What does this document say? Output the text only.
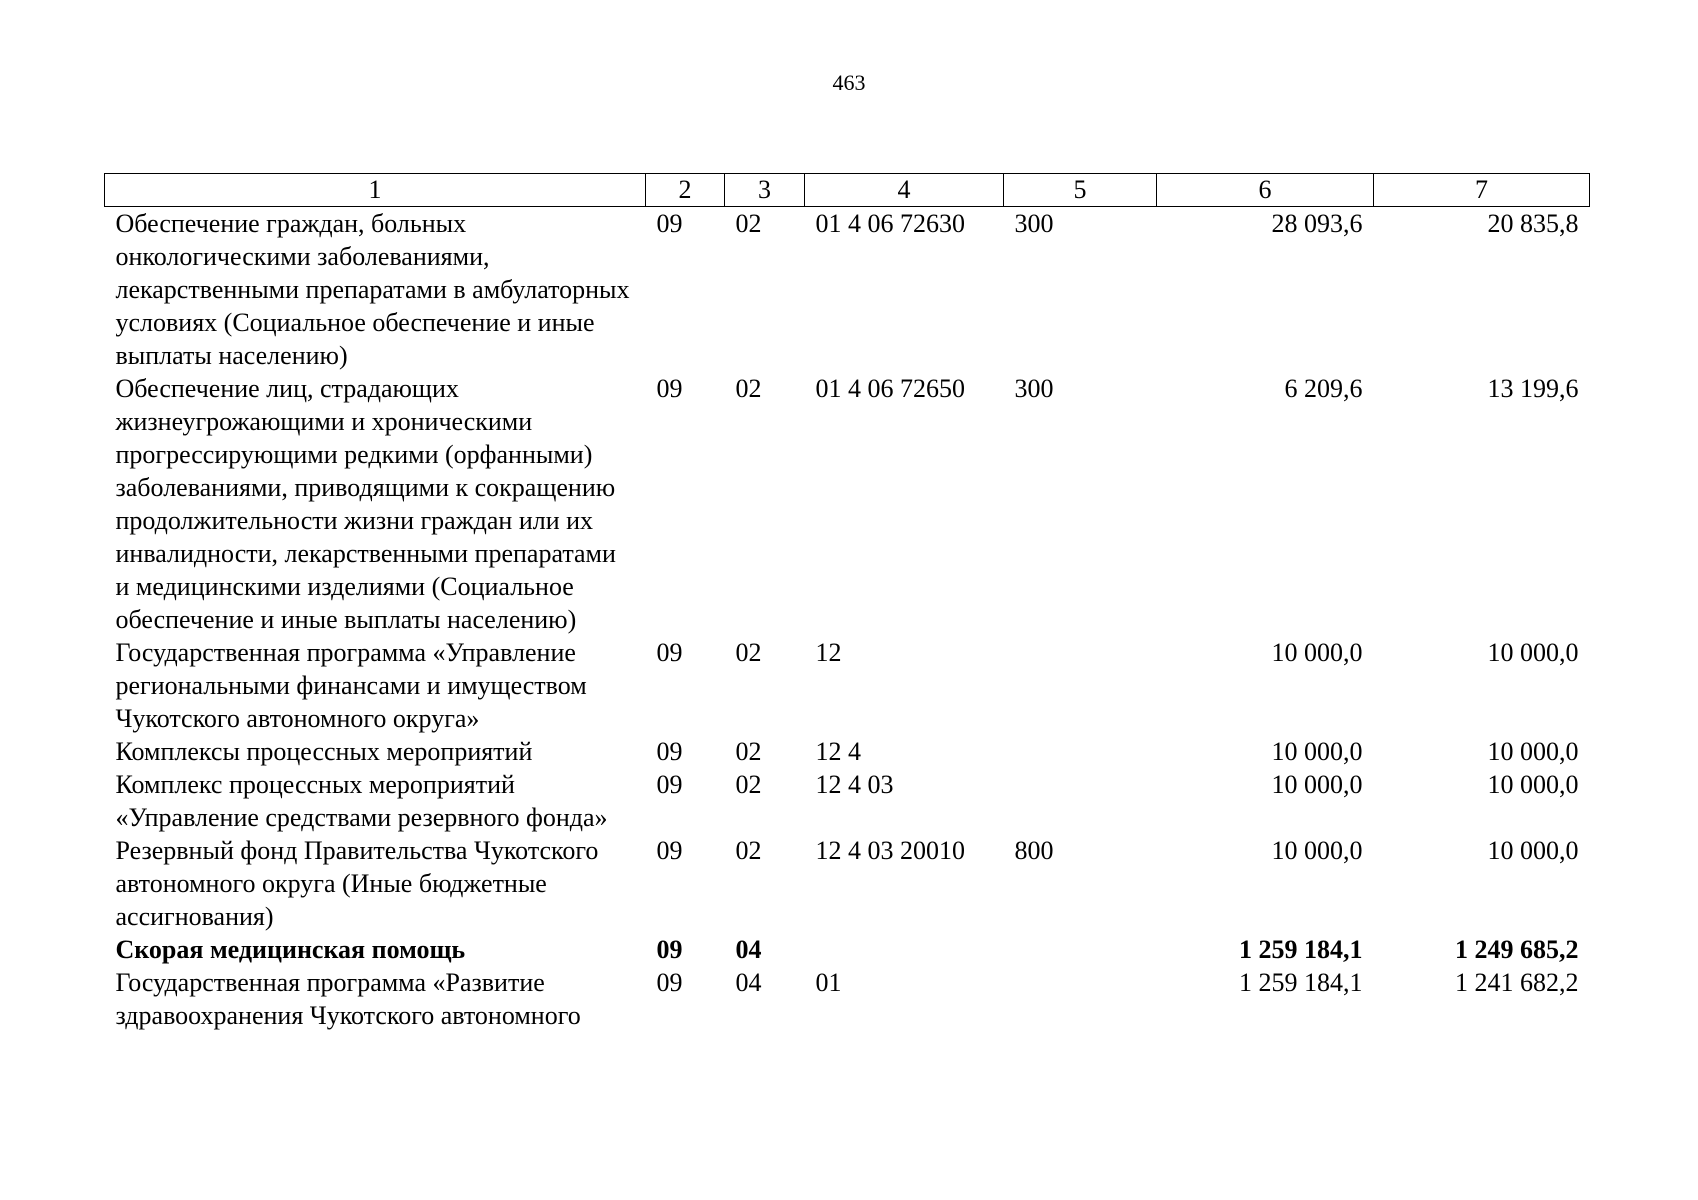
463
1	2	3	4	5	6	7
Обеспечение граждан, больных онкологическими заболеваниями, лекарственными препаратами в амбулаторных условиях (Социальное обеспечение и иные выплаты населению)	09	02	01 4 06 72630	300	28 093,6	20 835,8
Обеспечение лиц, страдающих жизнеугрожающими и хроническими прогрессирующими редкими (орфанными) заболеваниями, приводящими к сокращению продолжительности жизни граждан или их инвалидности, лекарственными препаратами и медицинскими изделиями (Социальное обеспечение и иные выплаты населению)	09	02	01 4 06 72650	300	6 209,6	13 199,6
Государственная программа «Управление региональными финансами и имуществом Чукотского автономного округа»	09	02	12		10 000,0	10 000,0
Комплексы процессных мероприятий	09	02	12 4		10 000,0	10 000,0
Комплекс процессных мероприятий «Управление средствами резервного фонда»	09	02	12 4 03		10 000,0	10 000,0
Резервный фонд Правительства Чукотского автономного округа (Иные бюджетные ассигнования)	09	02	12 4 03 20010	800	10 000,0	10 000,0
Скорая медицинская помощь	09	04			1 259 184,1	1 249 685,2
Государственная программа «Развитие здравоохранения Чукотского автономного	09	04	01		1 259 184,1	1 241 682,2
